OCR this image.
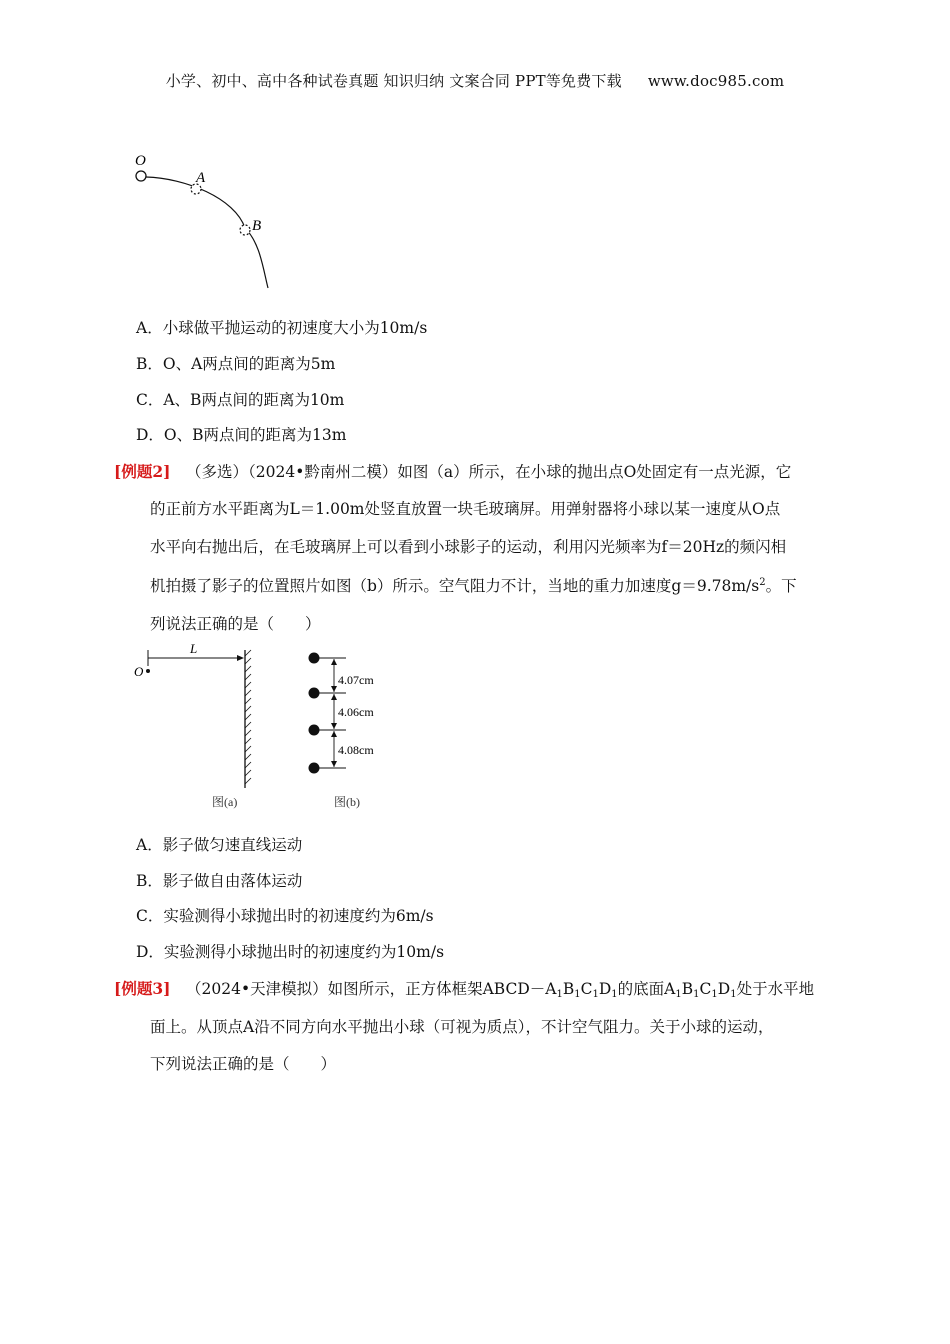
小学、初中、高中各种试卷真题 知识归纳 文案合同 PPT等免费下载 www.doc985.com
O
A
B
A．小球做平抛运动的初速度大小为10m/s
B．O、A两点间的距离为5m
C．A、B两点间的距离为10m
D．O、B两点间的距离为13m
[例题2] （多选）（2024•黔南州二模）如图（a）所示，在小球的抛出点O处固定有一点光源，它
的正前方水平距离为L＝1.00m处竖直放置一块毛玻璃屏。用弹射器将小球以某一速度从O点
水平向右抛出后，在毛玻璃屏上可以看到小球影子的运动，利用闪光频率为f＝20Hz的频闪相
机拍摄了影子的位置照片如图（b）所示。空气阻力不计，当地的重力加速度$g=9.78m/s^2$。下
列说法正确的是（　　）
O
L
图(a)
4.07cm
4.06cm
4.08cm
图(b)
A．影子做匀速直线运动
B．影子做自由落体运动
C．实验测得小球抛出时的初速度约为6m/s
D．实验测得小球抛出时的初速度约为10m/s
[例题3] （2024•天津模拟）如图所示，正方体框架$ABCD-A_1B_1C_1D_1$的底面$A_1B_1C_1D_1$处于水平地
面上。从顶点A沿不同方向水平抛出小球（可视为质点），不计空气阻力。关于小球的运动，
下列说法正确的是（　　）
